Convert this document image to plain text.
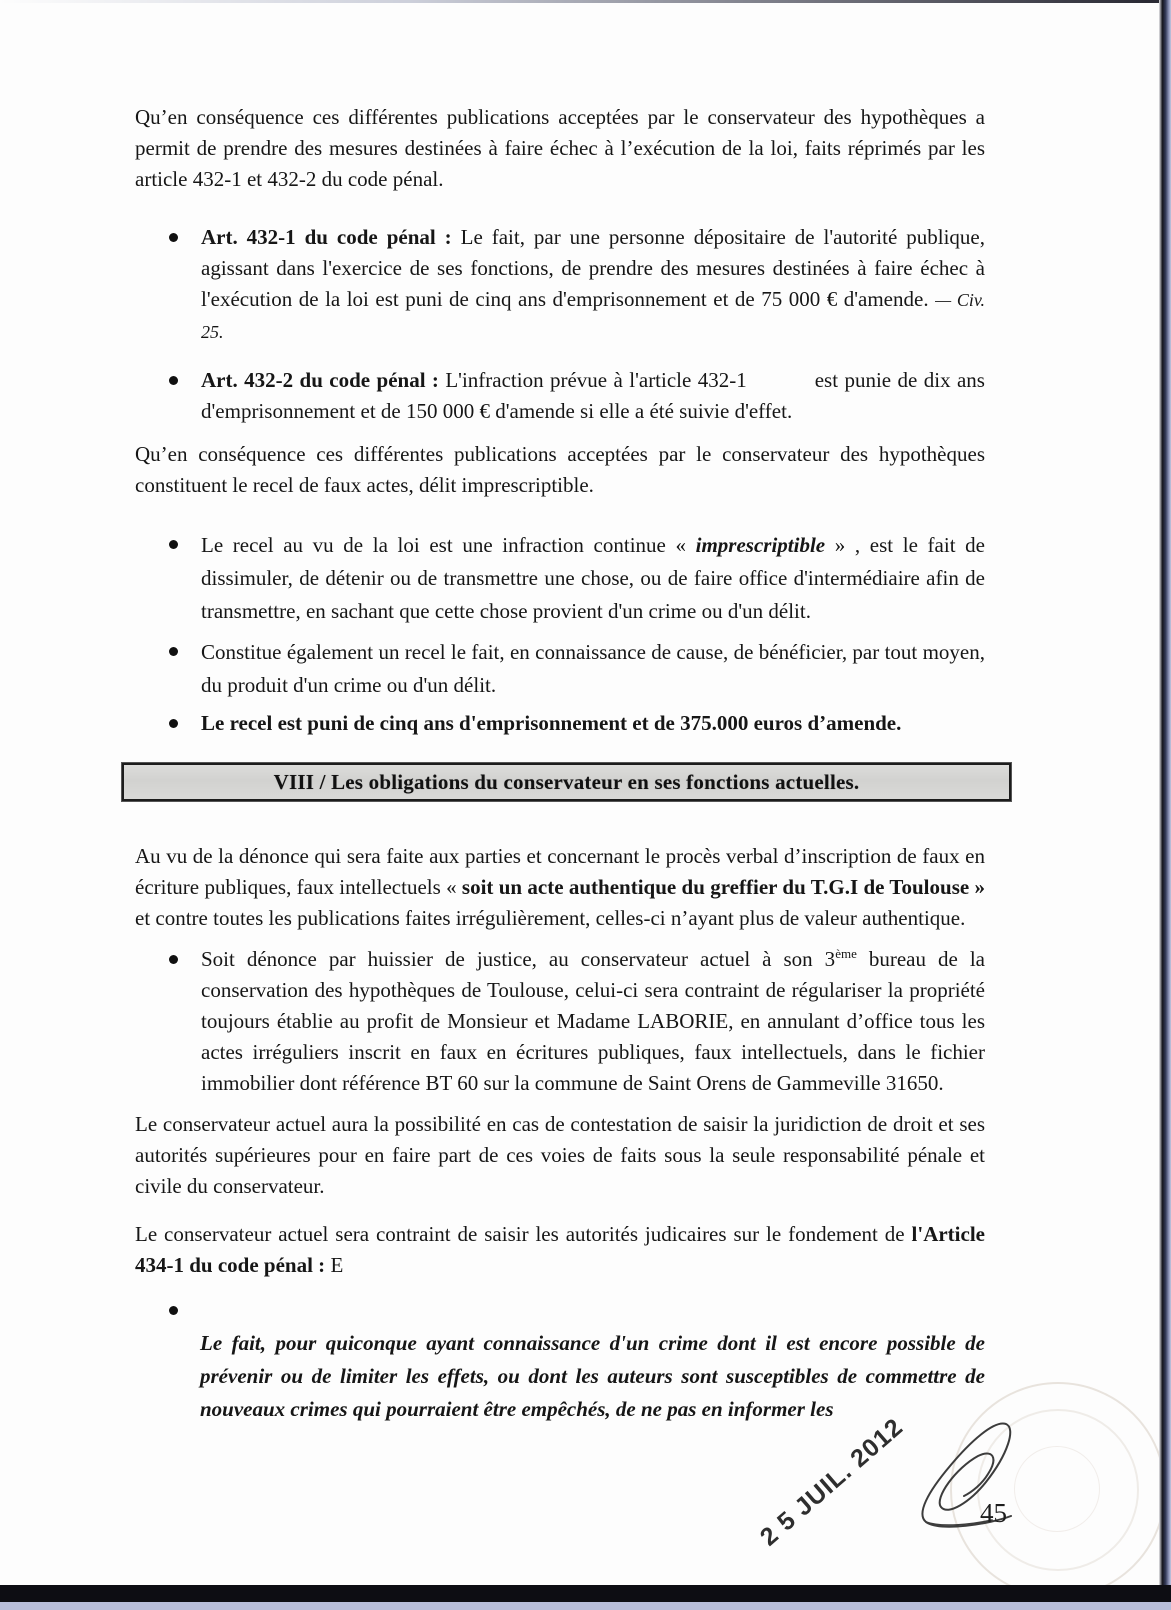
Qu’en conséquence ces différentes publications acceptées par le conservateur des hypothèques a permit de prendre des mesures destinées à faire échec à l’exécution de la loi, faits réprimés par les article 432-1 et 432-2 du code pénal.

Art. 432-1 du code pénal : Le fait, par une personne dépositaire de l'autorité publique, agissant dans l'exercice de ses fonctions, de prendre des mesures destinées à faire échec à l'exécution de la loi est puni de cinq ans d'emprisonnement et de 75 000 € d'amende. — Civ. 25.

Art. 432-2 du code pénal : L'infraction prévue à l'article 432-1	est punie de dix ans d'emprisonnement et de 150 000 € d'amende si elle a été suivie d'effet.

Qu’en conséquence ces différentes publications acceptées par le conservateur des hypothèques constituent le recel de faux actes, délit imprescriptible.

Le recel au vu de la loi est une infraction continue « imprescriptible » , est le fait de dissimuler, de détenir ou de transmettre une chose, ou de faire office d'intermédiaire afin de transmettre, en sachant que cette chose provient d'un crime ou d'un délit.

Constitue également un recel le fait, en connaissance de cause, de bénéficier, par tout moyen, du produit d'un crime ou d'un délit.

Le recel est puni de cinq ans d'emprisonnement et de 375.000 euros d’amende.

VIII / Les obligations du conservateur en ses fonctions actuelles.

Au vu de la dénonce qui sera faite aux parties et concernant le procès verbal d’inscription de faux en écriture publiques, faux intellectuels « soit un acte authentique du greffier du T.G.I de Toulouse » et contre toutes les publications faites irrégulièrement, celles-ci n’ayant plus de valeur authentique.

Soit dénonce par huissier de justice, au conservateur actuel à son 3ème bureau de la conservation des hypothèques de Toulouse, celui-ci sera contraint de régulariser la propriété toujours établie au profit de Monsieur et Madame LABORIE, en annulant d’office tous les actes irréguliers inscrit en faux en écritures publiques, faux intellectuels, dans le fichier immobilier dont référence BT 60 sur la commune de Saint Orens de Gammeville 31650.

Le conservateur actuel aura la possibilité en cas de contestation de saisir la juridiction de droit et ses autorités supérieures pour en faire part de ces voies de faits sous la seule responsabilité pénale et civile du conservateur.

Le conservateur actuel sera contraint de saisir les autorités judicaires sur le fondement de l'Article 434-1 du code pénal : E

Le fait, pour quiconque ayant connaissance d'un crime dont il est encore possible de prévenir ou de limiter les effets, ou dont les auteurs sont susceptibles de commettre de nouveaux crimes qui pourraient être empêchés, de ne pas en informer les

2 5 JUIL. 2012	45
